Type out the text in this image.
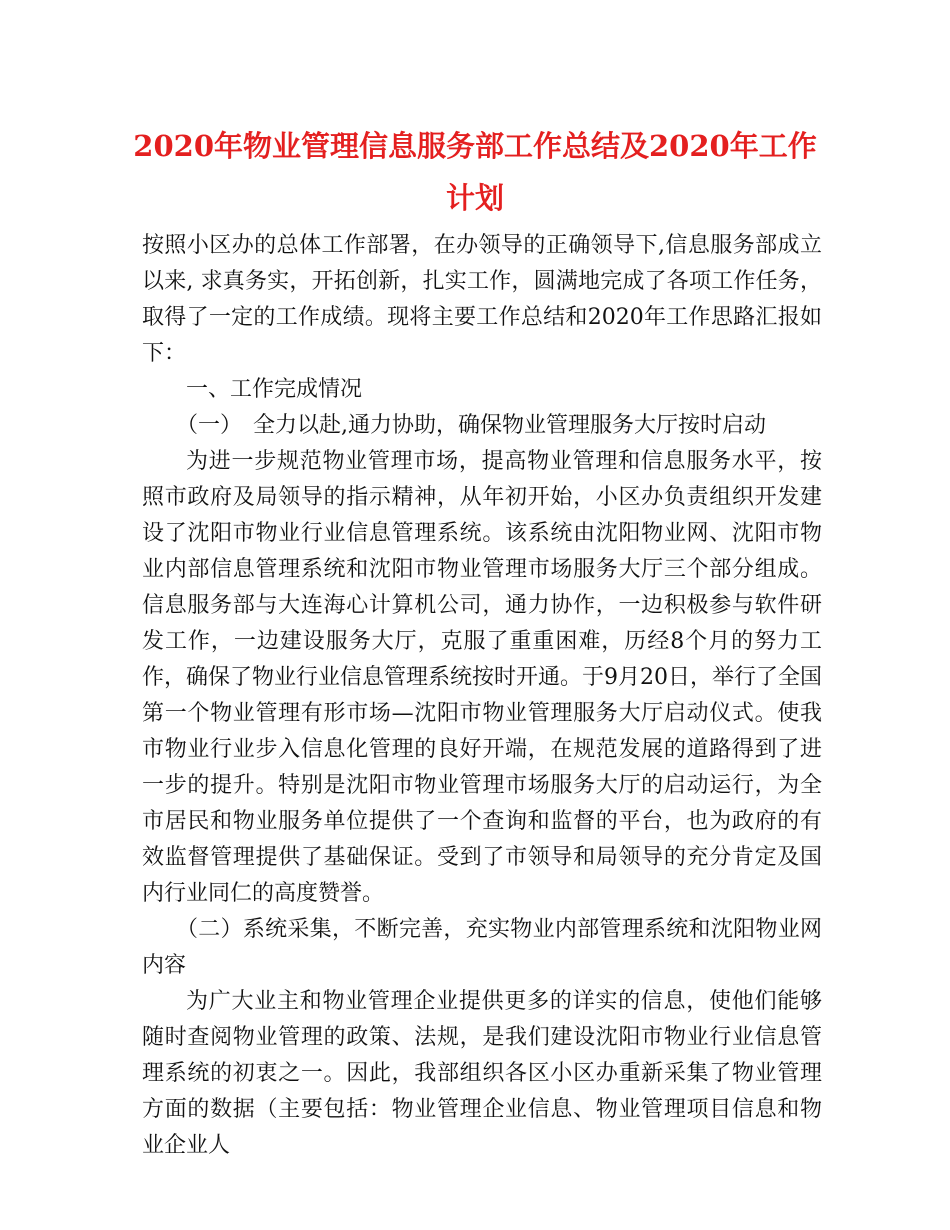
2020年物业管理信息服务部工作总结及2020年工作计划

按照小区办的总体工作部署，在办领导的正确领导下,信息服务部成立以来, 求真务实，开拓创新，扎实工作，圆满地完成了各项工作任务，取得了一定的工作成绩。现将主要工作总结和2020年工作思路汇报如下：

一、工作完成情况

（一）　全力以赴,通力协助，确保物业管理服务大厅按时启动

为进一步规范物业管理市场，提高物业管理和信息服务水平，按照市政府及局领导的指示精神，从年初开始，小区办负责组织开发建设了沈阳市物业行业信息管理系统。该系统由沈阳物业网、沈阳市物业内部信息管理系统和沈阳市物业管理市场服务大厅三个部分组成。信息服务部与大连海心计算机公司，通力协作，一边积极参与软件研发工作，一边建设服务大厅，克服了重重困难，历经8个月的努力工作，确保了物业行业信息管理系统按时开通。于9月20日，举行了全国第一个物业管理有形市场—沈阳市物业管理服务大厅启动仪式。使我市物业行业步入信息化管理的良好开端，在规范发展的道路得到了进一步的提升。特别是沈阳市物业管理市场服务大厅的启动运行，为全市居民和物业服务单位提供了一个查询和监督的平台，也为政府的有效监督管理提供了基础保证。受到了市领导和局领导的充分肯定及国内行业同仁的高度赞誉。

（二）系统采集，不断完善，充实物业内部管理系统和沈阳物业网内容

为广大业主和物业管理企业提供更多的详实的信息，使他们能够随时查阅物业管理的政策、法规，是我们建设沈阳市物业行业信息管理系统的初衷之一。因此，我部组织各区小区办重新采集了物业管理方面的数据（主要包括：物业管理企业信息、物业管理项目信息和物业企业人
